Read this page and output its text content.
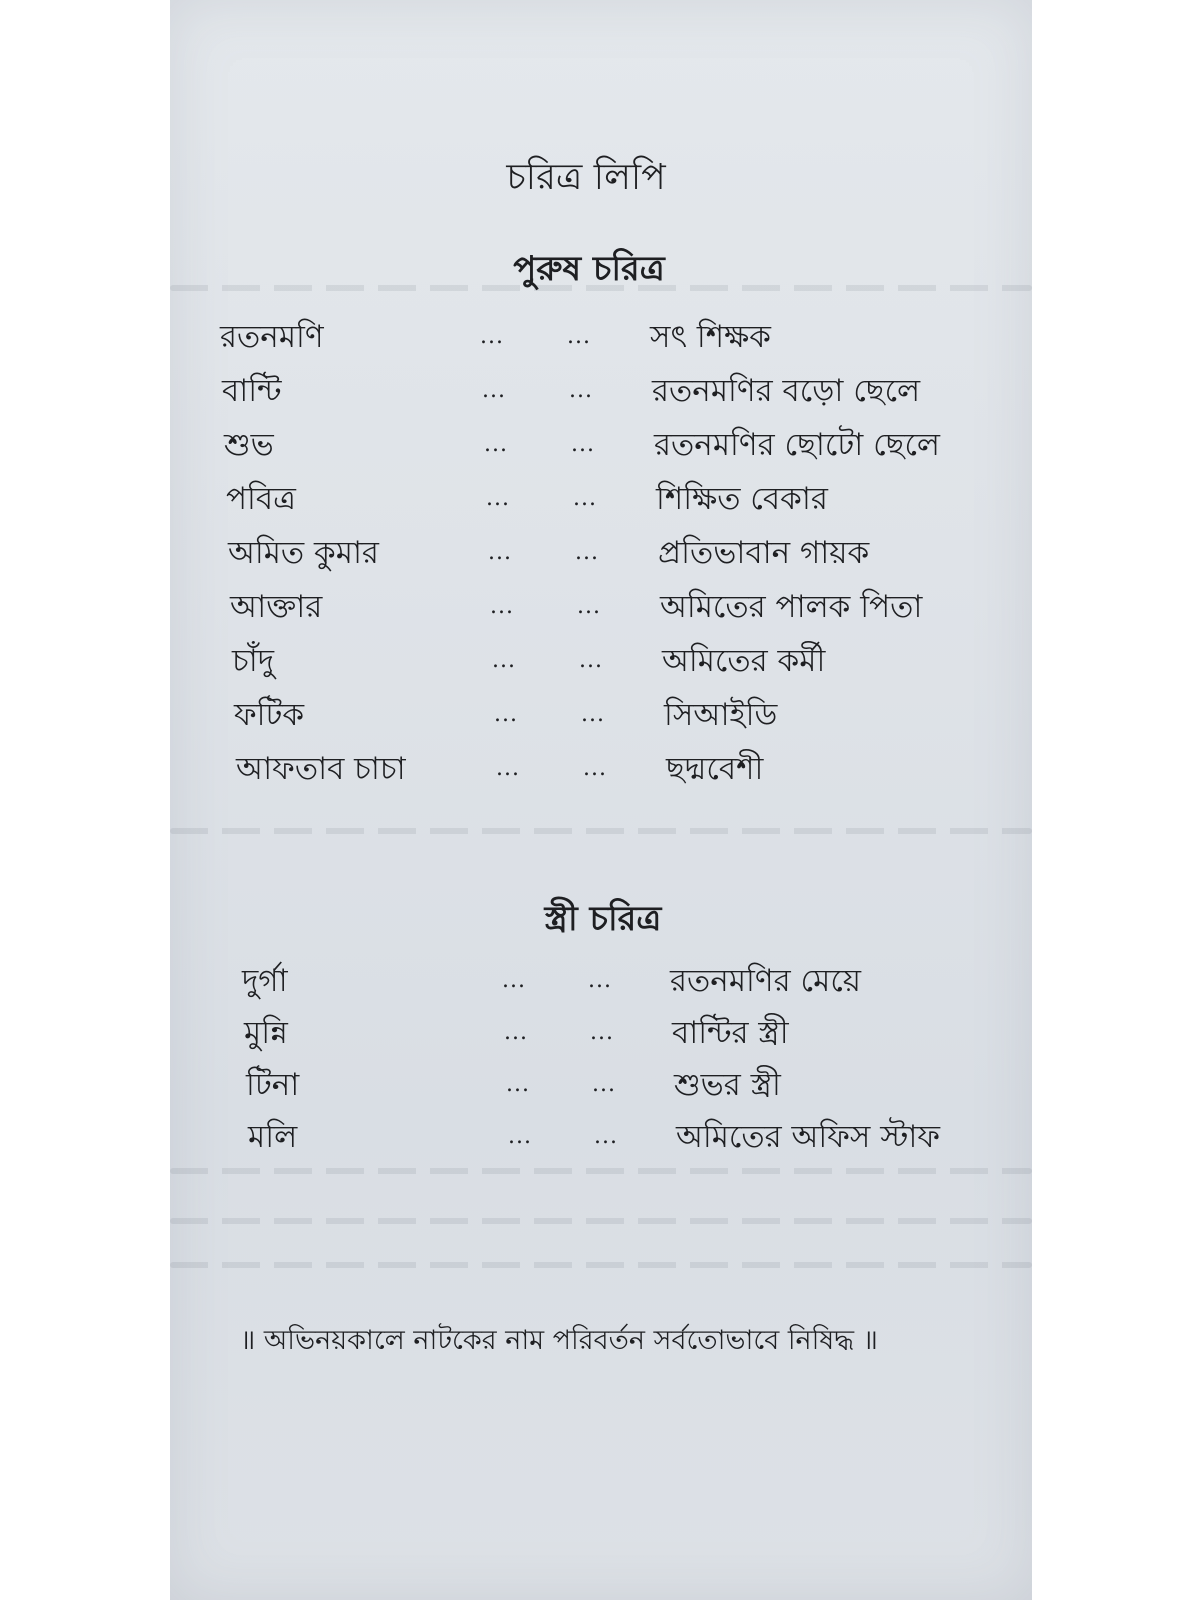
চরিত্র লিপি
পুরুষ চরিত্র
রতনমণি	...	... সৎ শিক্ষক
বান্টি	...	... রতনমণির বড়ো ছেলে
শুভ	...	... রতনমণির ছোটো ছেলে
পবিত্র	...	... শিক্ষিত বেকার
অমিত কুমার	...	... প্রতিভাবান গায়ক
আক্তার	...	... অমিতের পালক পিতা
চাঁদু	...	... অমিতের কর্মী
ফটিক	...	... সিআইডি
আফতাব চাচা	...	... ছদ্মবেশী
স্ত্রী চরিত্র
দুর্গা	...	... রতনমণির মেয়ে
মুন্নি	...	... বান্টির স্ত্রী
টিনা	...	... শুভর স্ত্রী
মলি	...	... অমিতের অফিস স্টাফ
॥ অভিনয়কালে নাটকের নাম পরিবর্তন সর্বতোভাবে নিষিদ্ধ ॥
